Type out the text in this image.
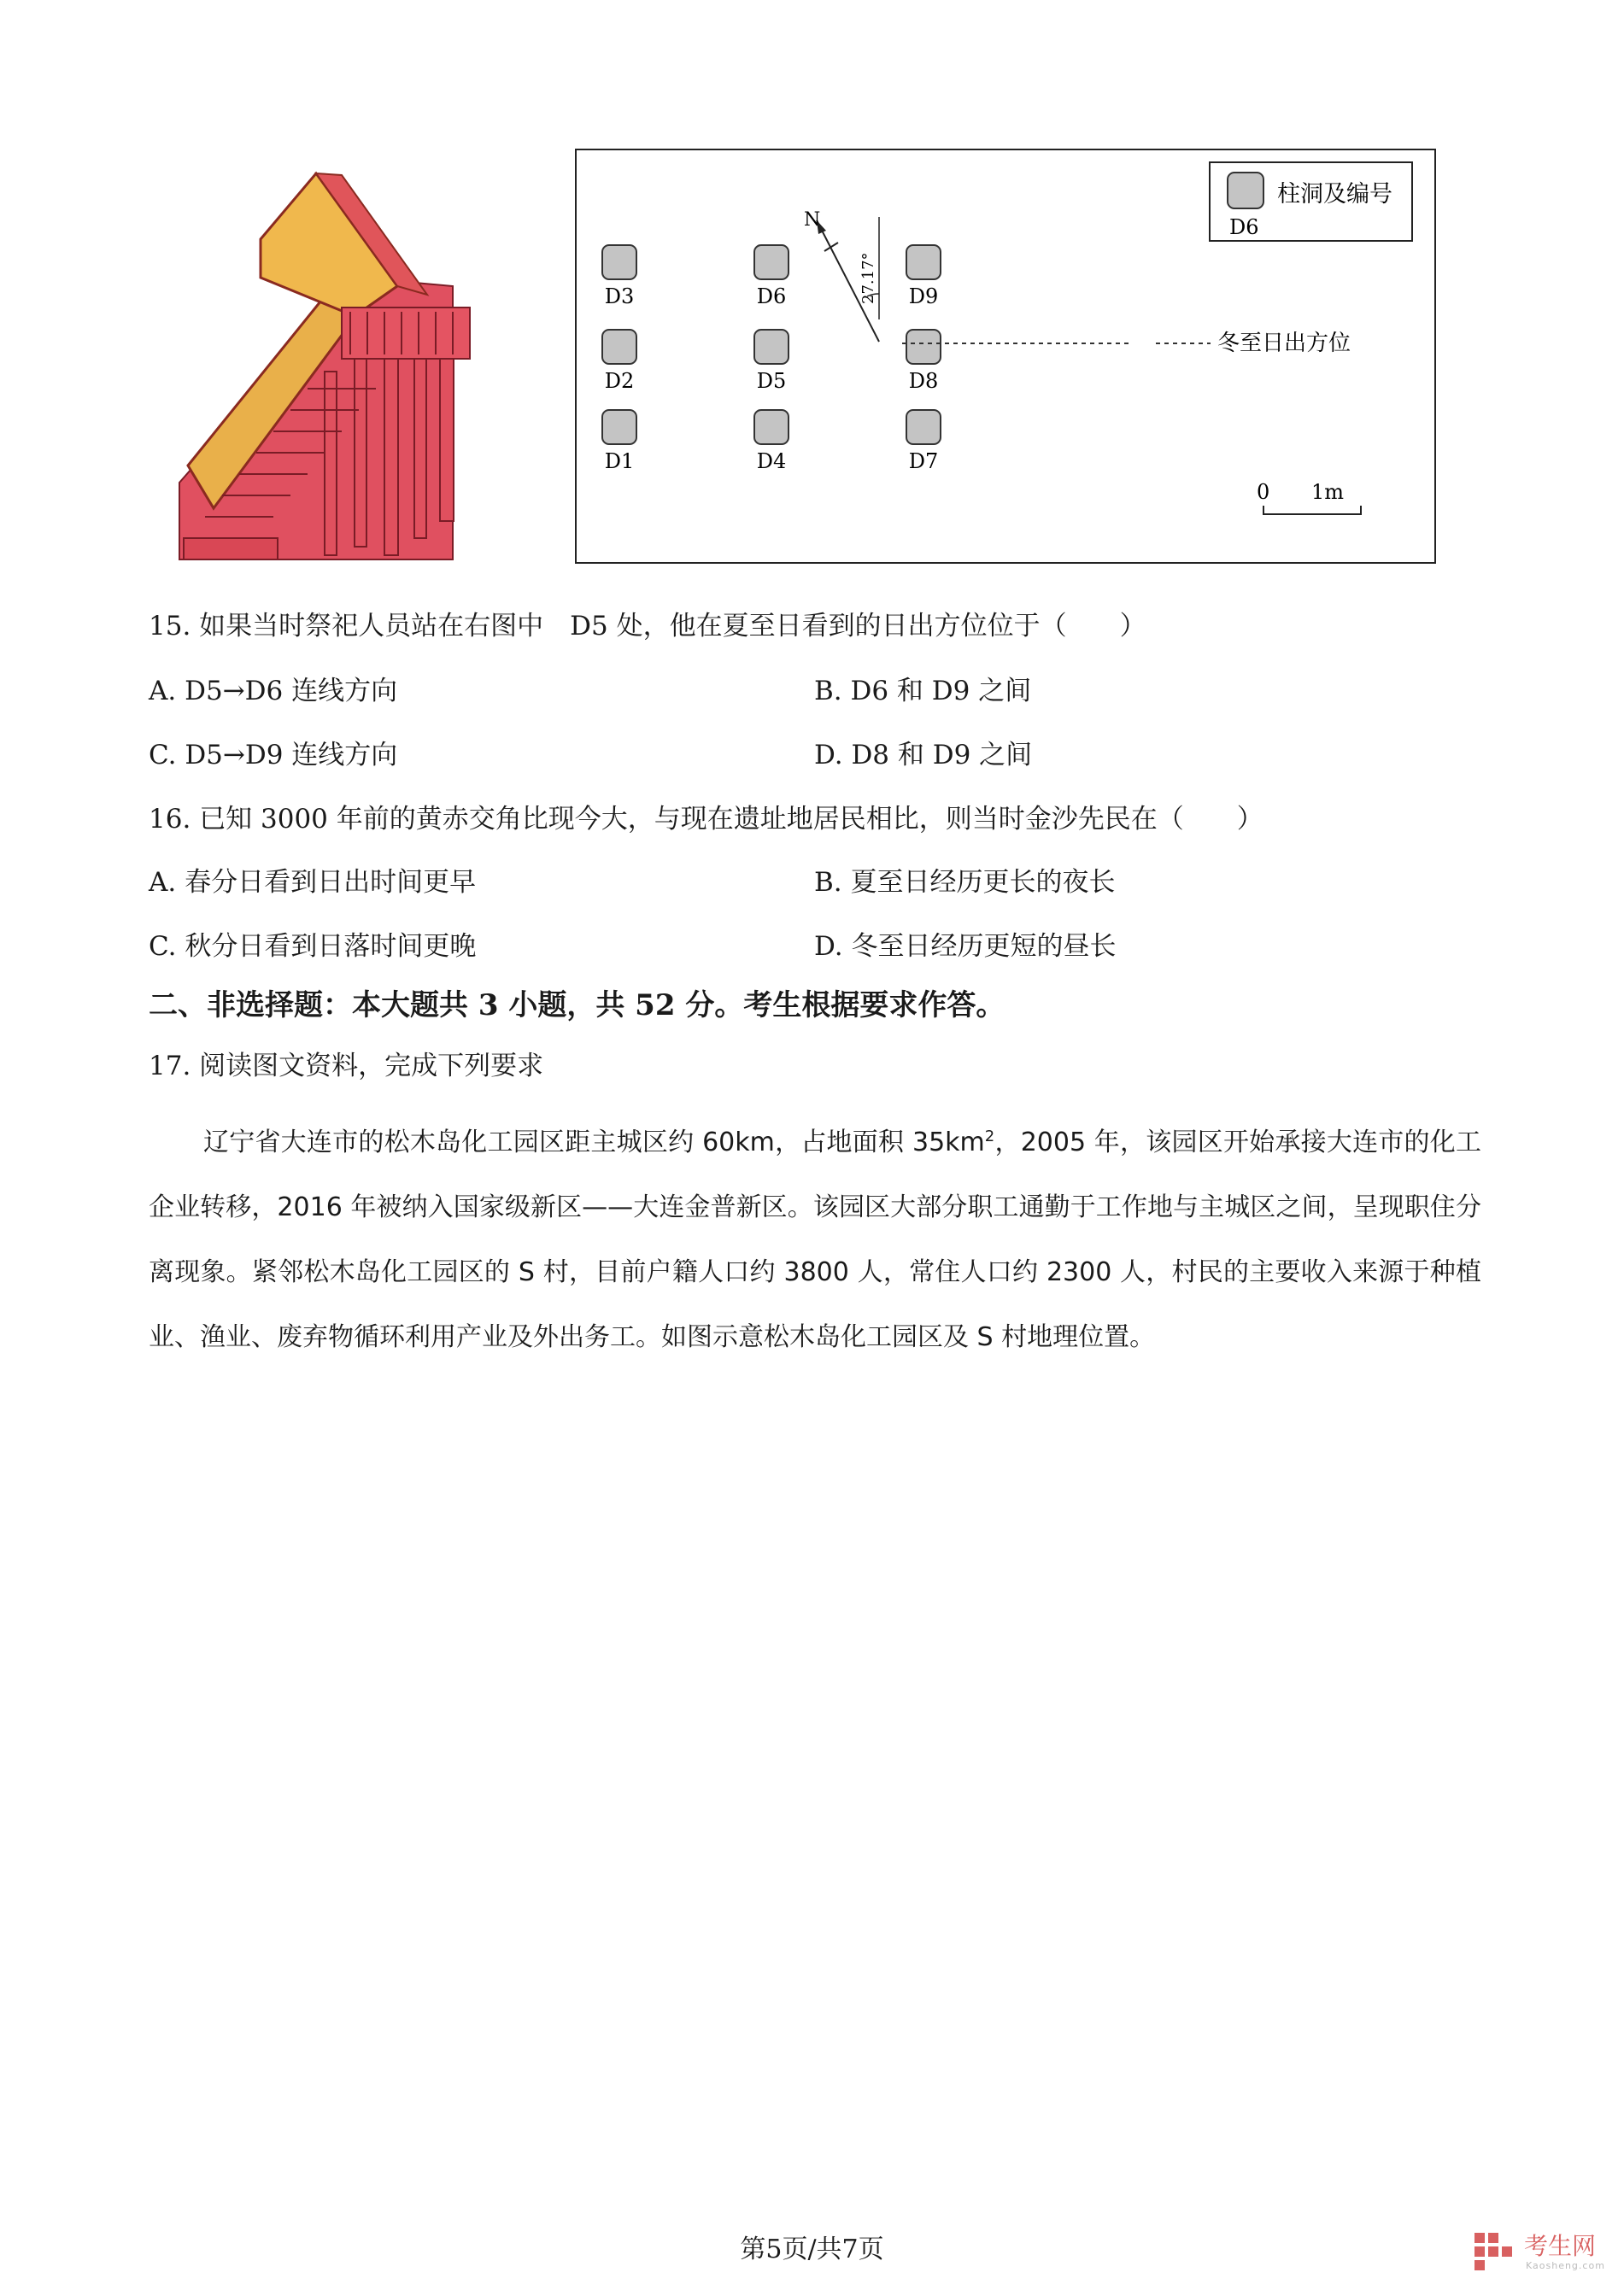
D1
D2
D3
D4
D5
D6
D7
D8
D9
N
27.17°
冬至日出方位
柱洞及编号
D6
0 1m
15. 如果当时祭祀人员站在右图中　D5 处，他在夏至日看到的日出方位位于（　　）
A. D5→D6 连线方向	B. D6 和 D9 之间
C. D5→D9 连线方向	D. D8 和 D9 之间
16. 已知 3000 年前的黄赤交角比现今大，与现在遗址地居民相比，则当时金沙先民在（　　）
A. 春分日看到日出时间更早	B. 夏至日经历更长的夜长
C. 秋分日看到日落时间更晚	D. 冬至日经历更短的昼长
二、非选择题：本大题共 3 小题，共 52 分。考生根据要求作答。
17. 阅读图文资料，完成下列要求

辽宁省大连市的松木岛化工园区距主城区约 60km，占地面积 $35km^2$，2005 年，该园区开始承接大连市的化工企业转移，2016 年被纳入国家级新区——大连金普新区。该园区大部分职工通勤于工作地与主城区之间，呈现职住分离现象。紧邻松木岛化工园区的 S 村，目前户籍人口约 3800 人，常住人口约 2300 人，村民的主要收入来源于种植业、渔业、废弃物循环利用产业及外出务工。如图示意松木岛化工园区及 S 村地理位置。

第5页/共7页	考生网
Kaosheng.com
